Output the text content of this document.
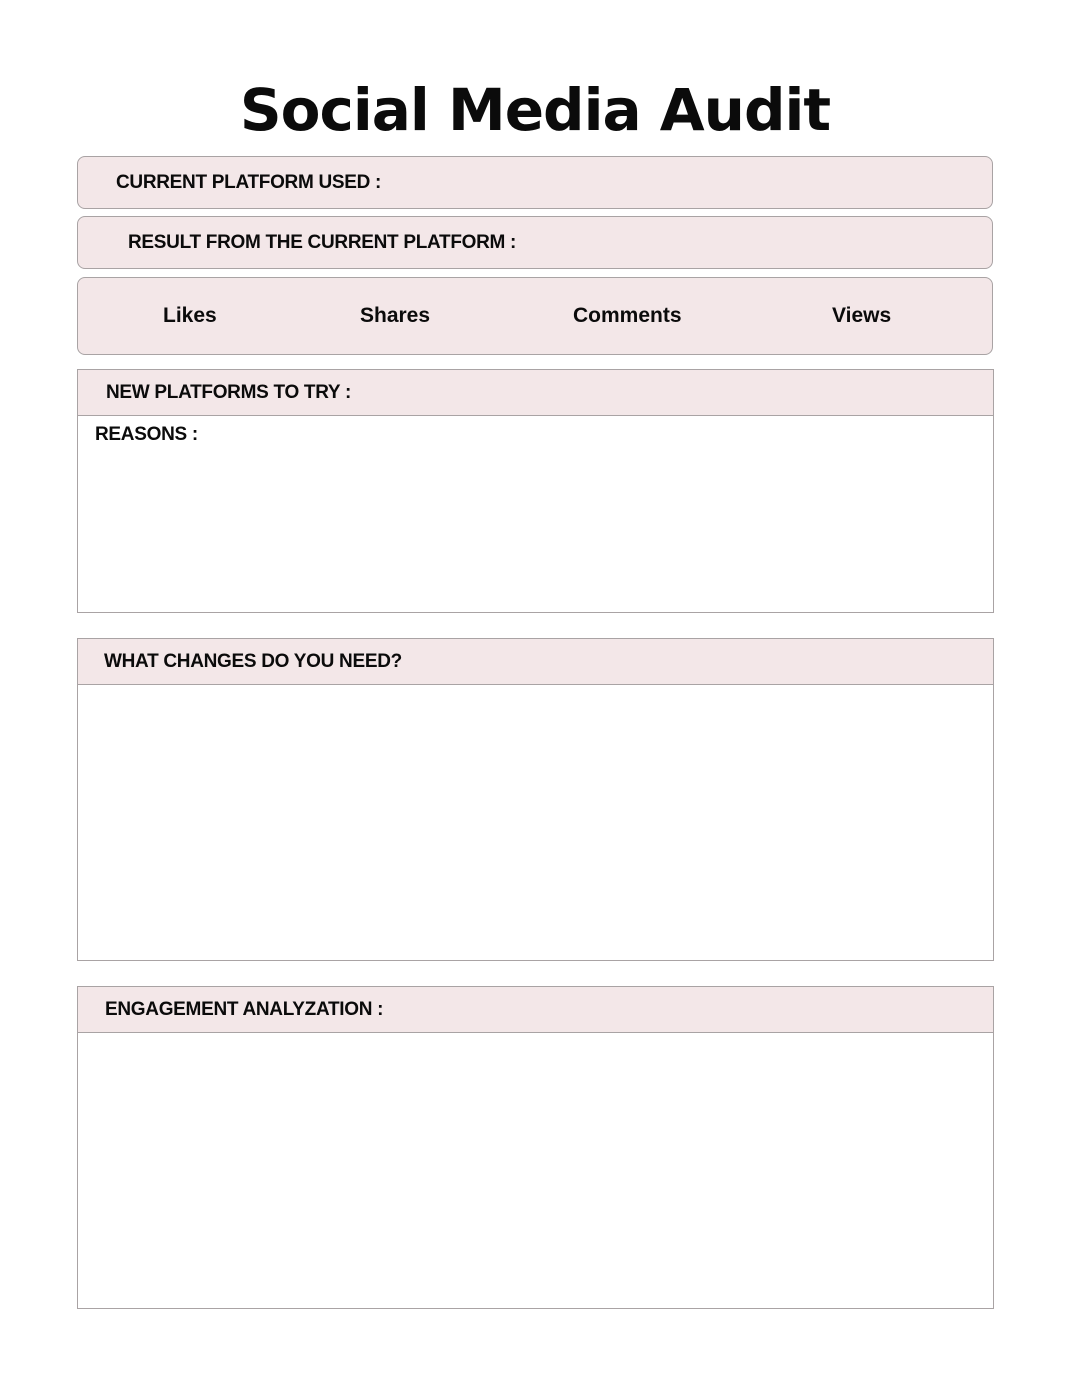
Social Media Audit
CURRENT PLATFORM USED :
RESULT FROM THE CURRENT PLATFORM :
Likes	Shares	Comments	Views
NEW PLATFORMS TO TRY :
REASONS :
WHAT CHANGES DO YOU NEED?
ENGAGEMENT ANALYZATION :
